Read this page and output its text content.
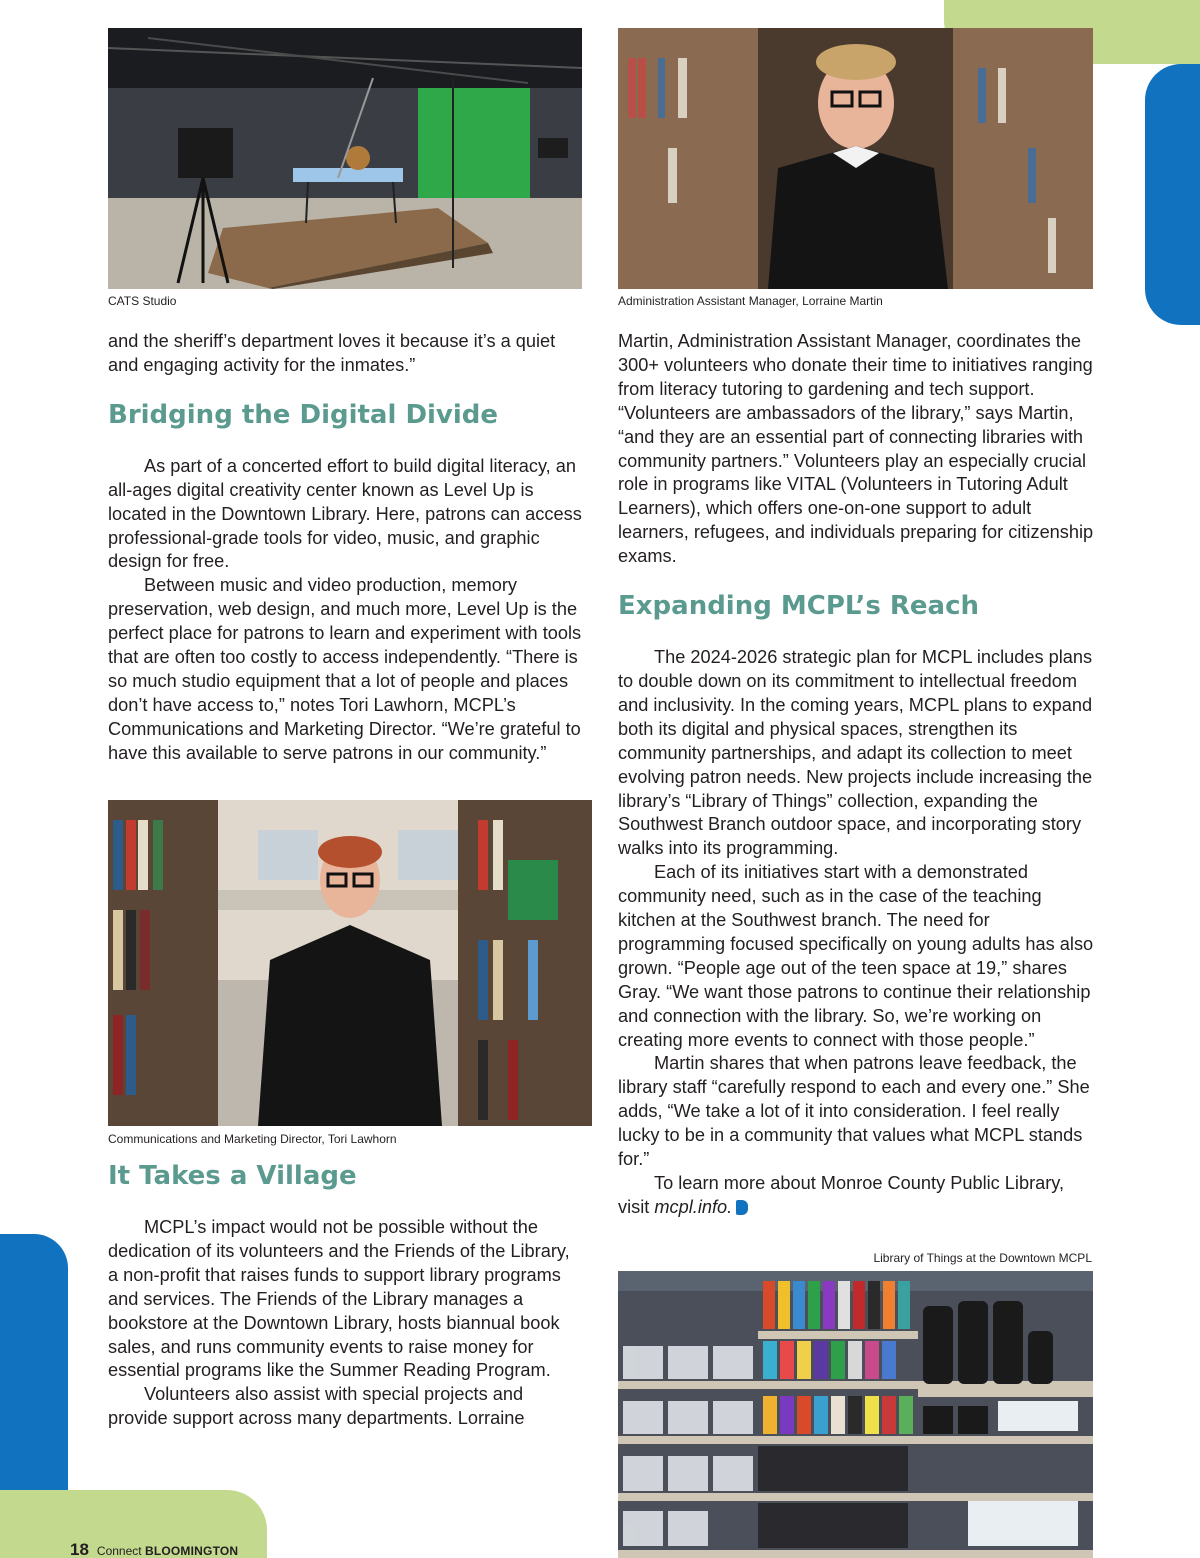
CATS Studio	Administration Assistant Manager, Lorraine Martin

and the sheriff’s department loves it because it’s a quiet and engaging activity for the inmates.”

Bridging the Digital Divide

As part of a concerted effort to build digital literacy, an all-ages digital creativity center known as Level Up is located in the Downtown Library. Here, patrons can access professional-grade tools for video, music, and graphic design for free.

Between music and video production, memory preservation, web design, and much more, Level Up is the perfect place for patrons to learn and experiment with tools that are often too costly to access independently. “There is so much studio equipment that a lot of people and places don’t have access to,” notes Tori Lawhorn, MCPL’s Communications and Marketing Director. “We’re grateful to have this available to serve patrons in our community.”

Communications and Marketing Director, Tori Lawhorn
It Takes a Village

MCPL’s impact would not be possible without the dedication of its volunteers and the Friends of the Library, a non-profit that raises funds to support library programs and services. The Friends of the Library manages a bookstore at the Downtown Library, hosts biannual book sales, and runs community events to raise money for essential programs like the Summer Reading Program.

Volunteers also assist with special projects and provide support across many departments. Lorraine

Martin, Administration Assistant Manager, coordinates the 300+ volunteers who donate their time to initiatives ranging from literacy tutoring to gardening and tech support. “Volunteers are ambassadors of the library,” says Martin, “and they are an essential part of connecting libraries with community partners.” Volunteers play an especially crucial role in programs like VITAL (Volunteers in Tutoring Adult Learners), which offers one-on-one support to adult learners, refugees, and individuals preparing for citizenship exams.

Expanding MCPL’s Reach

The 2024-2026 strategic plan for MCPL includes plans to double down on its commitment to intellectual freedom and inclusivity. In the coming years, MCPL plans to expand both its digital and physical spaces, strengthen its community partnerships, and adapt its collection to meet evolving patron needs. New projects include increasing the library’s “Library of Things” collection, expanding the Southwest Branch outdoor space, and incorporating story walks into its programming.

Each of its initiatives start with a demonstrated community need, such as in the case of the teaching kitchen at the Southwest branch. The need for programming focused specifically on young adults has also grown. “People age out of the teen space at 19,” shares Gray. “We want those patrons to continue their relationship and connection with the library. So, we’re working on creating more events to connect with those people.”

Martin shares that when patrons leave feedback, the library staff “carefully respond to each and every one.” She adds, “We take a lot of it into consideration. I feel really lucky to be in a community that values what MCPL stands for.”

To learn more about Monroe County Public Library, visit mcpl.info.

Library of Things at the Downtown MCPL
18 Connect BLOOMINGTON
